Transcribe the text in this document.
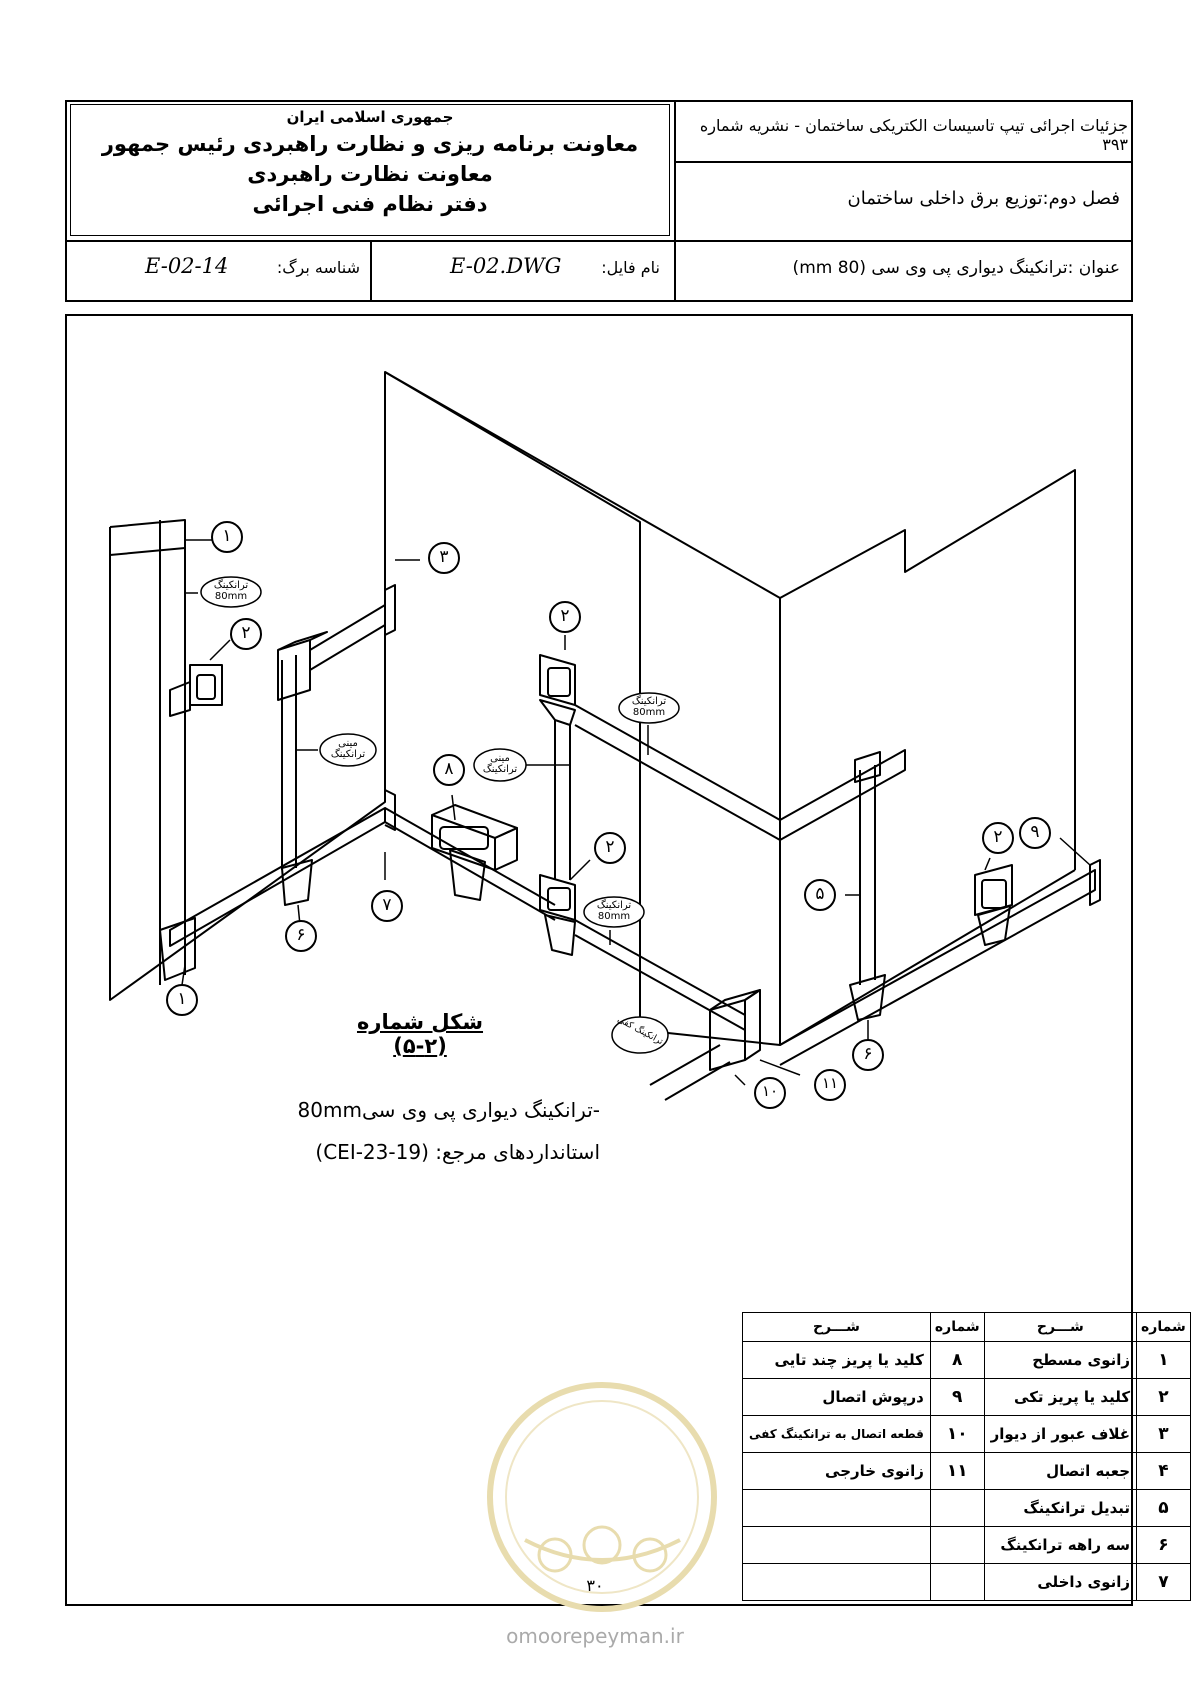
جمهوری اسلامی ایران
معاونت برنامه ریزی و نظارت راهبردی رئیس جمهور
معاونت نظارت راهبردی
دفتر نظام فنی اجرائی
جزئیات اجرائی تیپ تاسیسات الکتریکی ساختمان - نشریه شماره ۳۹۳
فصل دوم:توزیع برق داخلی ساختمان
عنوان :ترانکینگ دیواری پی وی سی (80 mm)
نام فایل:
E-02.DWG
شناسه برگ:
E-02-14
۱
۲
۳
۲
۲	۲
۸
۷
۶
۱
۵
۶
۹
۱۰	۱۱
ترانکینگ
80mm
مینی
ترانکینگ	مینی
ترانکینگ
ترانکینگ
80mm
ترانکینگ
80mm
ترانکینگ کفی
شکل شماره (۲-۵)
-ترانکینگ دیواری پی وی سی80mm
استانداردهای مرجع: (CEI-23-19)
شماره	شـــرح	شماره	شـــرح
۱	زانوی مسطح	۸	کلید یا پریز چند تایی
۲	کلید یا پریز تکی	۹	درپوش اتصال
۳	غلاف عبور از دیوار	۱۰	قطعه اتصال به ترانکینگ کفی
۴	جعبه اتصال	۱۱	زانوی خارجی
۵	تبدیل ترانکینگ		
۶	سه راهه ترانکینگ		
۷	زانوی داخلی		
۳۰
omoorepeyman.ir
